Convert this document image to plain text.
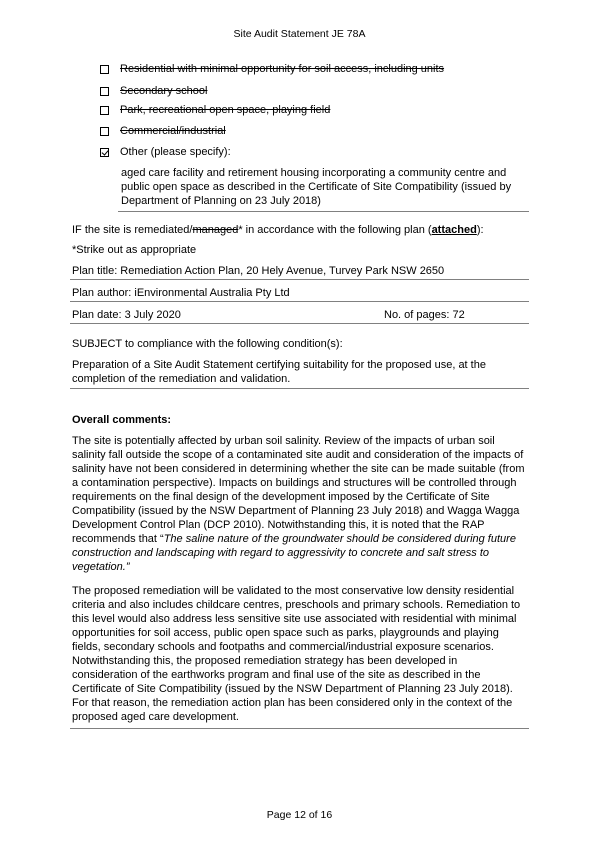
Site Audit Statement JE 78A
Residential with minimal opportunity for soil access, including units
Secondary school
Park, recreational open space, playing field
Commercial/industrial
Other (please specify):
aged care facility and retirement housing incorporating a community centre and
public open space as described in the Certificate of Site Compatibility (issued by
Department of Planning on 23 July 2018)
IF the site is remediated/managed* in accordance with the following plan (attached):
*Strike out as appropriate
Plan title: Remediation Action Plan, 20 Hely Avenue, Turvey Park NSW 2650
Plan author: iEnvironmental Australia Pty Ltd
Plan date: 3 July 2020	No. of pages: 72
SUBJECT to compliance with the following condition(s):
Preparation of a Site Audit Statement certifying suitability for the proposed use, at the
completion of the remediation and validation.
Overall comments:
The site is potentially affected by urban soil salinity. Review of the impacts of urban soil
salinity fall outside the scope of a contaminated site audit and consideration of the impacts of
salinity have not been considered in determining whether the site can be made suitable (from
a contamination perspective). Impacts on buildings and structures will be controlled through
requirements on the final design of the development imposed by the Certificate of Site
Compatibility (issued by the NSW Department of Planning 23 July 2018) and Wagga Wagga
Development Control Plan (DCP 2010). Notwithstanding this, it is noted that the RAP
recommends that “The saline nature of the groundwater should be considered during future
construction and landscaping with regard to aggressivity to concrete and salt stress to
vegetation.”
The proposed remediation will be validated to the most conservative low density residential
criteria and also includes childcare centres, preschools and primary schools. Remediation to
this level would also address less sensitive site use associated with residential with minimal
opportunities for soil access, public open space such as parks, playgrounds and playing
fields, secondary schools and footpaths and commercial/industrial exposure scenarios.
Notwithstanding this, the proposed remediation strategy has been developed in
consideration of the earthworks program and final use of the site as described in the
Certificate of Site Compatibility (issued by the NSW Department of Planning 23 July 2018).
For that reason, the remediation action plan has been considered only in the context of the
proposed aged care development.
Page 12 of 16
